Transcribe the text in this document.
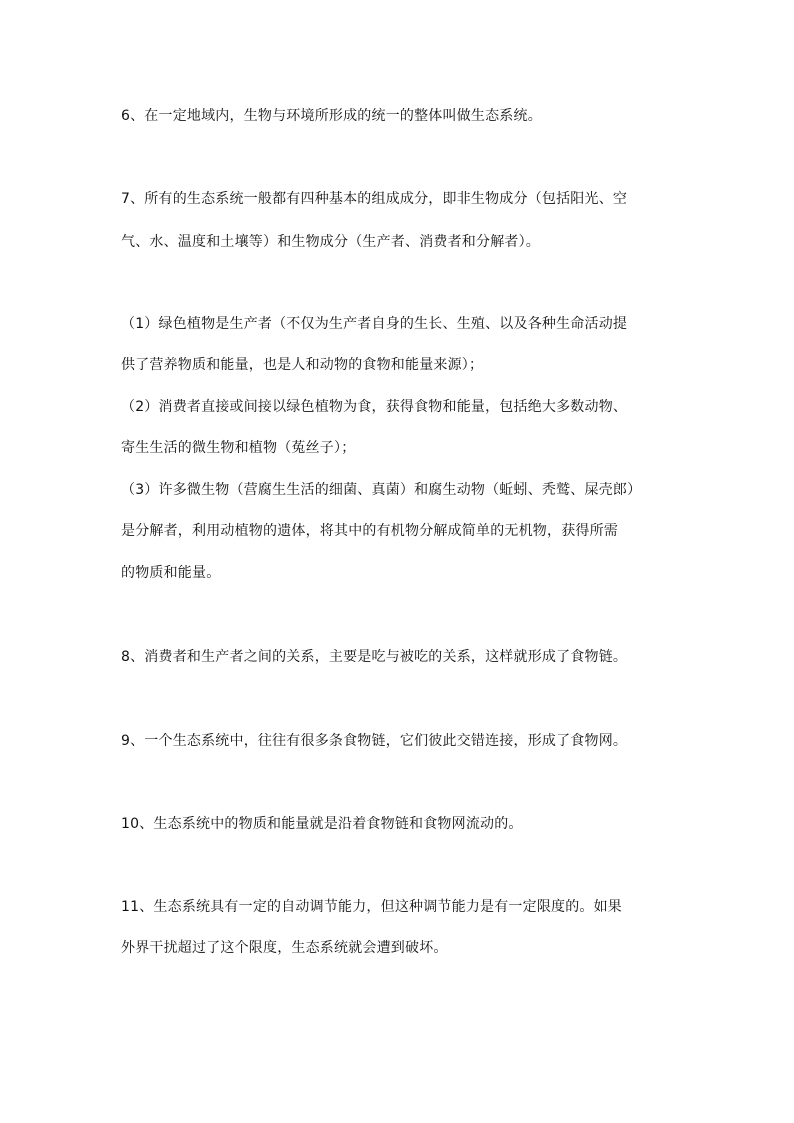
6、在一定地域内，生物与环境所形成的统一的整体叫做生态系统。
7、所有的生态系统一般都有四种基本的组成成分，即非生物成分（包括阳光、空
气、水、温度和土壤等）和生物成分（生产者、消费者和分解者）。
（1）绿色植物是生产者（不仅为生产者自身的生长、生殖、以及各种生命活动提
供了营养物质和能量，也是人和动物的食物和能量来源）；
（2）消费者直接或间接以绿色植物为食，获得食物和能量，包括绝大多数动物、
寄生生活的微生物和植物（菟丝子）；
（3）许多微生物（营腐生生活的细菌、真菌）和腐生动物（蚯蚓、秃鹫、屎壳郎）
是分解者，利用动植物的遗体，将其中的有机物分解成简单的无机物，获得所需
的物质和能量。
8、消费者和生产者之间的关系，主要是吃与被吃的关系，这样就形成了食物链。
9、一个生态系统中，往往有很多条食物链，它们彼此交错连接，形成了食物网。
10、生态系统中的物质和能量就是沿着食物链和食物网流动的。
11、生态系统具有一定的自动调节能力，但这种调节能力是有一定限度的。如果
外界干扰超过了这个限度，生态系统就会遭到破坏。
